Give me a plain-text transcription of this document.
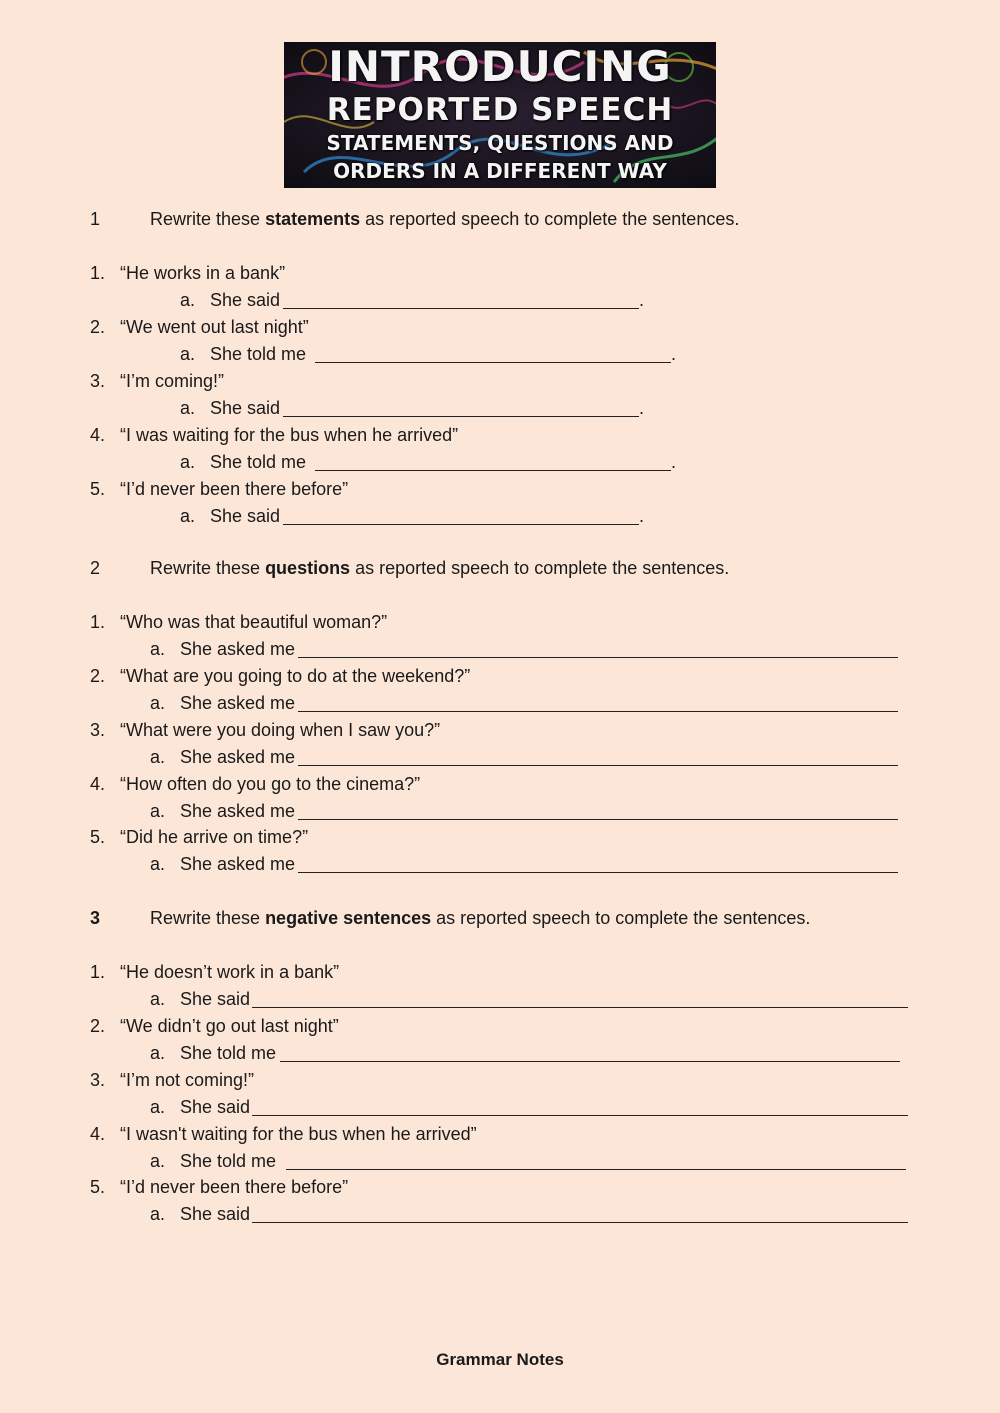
INTRODUCING
REPORTED SPEECH
STATEMENTS, QUESTIONS AND
ORDERS IN A DIFFERENT WAY
1	Rewrite these statements as reported speech to complete the sentences.
1. “He works in a bank”
a. She said	.
2. “We went out last night”
a. She told me	.
3. “I’m coming!”
a. She said	.
4. “I was waiting for the bus when he arrived”
a. She told me	.
5. “I’d never been there before”
a. She said	.
2	Rewrite these questions as reported speech to complete the sentences.
1. “Who was that beautiful woman?”
a. She asked me
2. “What are you going to do at the weekend?”
a. She asked me
3. “What were you doing when I saw you?”
a. She asked me
4. “How often do you go to the cinema?”
a. She asked me
5. “Did he arrive on time?”
a. She asked me
3	Rewrite these negative sentences as reported speech to complete the sentences.
1. “He doesn’t work in a bank”
a. She said
2. “We didn’t go out last night”
a. She told me
3. “I’m not coming!”
a. She said
4. “I wasn't waiting for the bus when he arrived”
a. She told me
5. “I’d never been there before”
a. She said
Grammar Notes
